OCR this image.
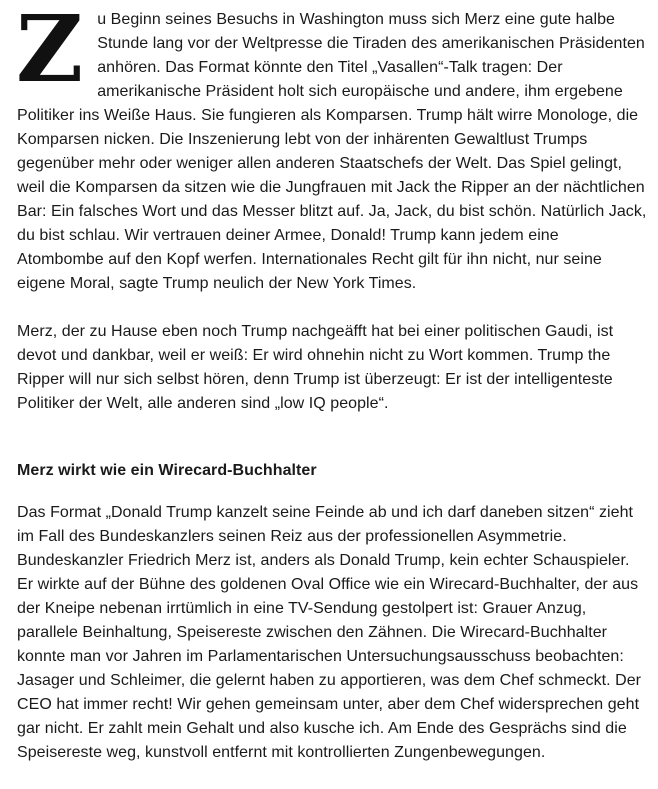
Zu Beginn seines Besuchs in Washington muss sich Merz eine gute halbe Stunde lang vor der Weltpresse die Tiraden des amerikanischen Präsidenten anhören. Das Format könnte den Titel „Vasallen“-Talk tragen: Der amerikanische Präsident holt sich europäische und andere, ihm ergebene Politiker ins Weiße Haus. Sie fungieren als Komparsen. Trump hält wirre Monologe, die Komparsen nicken. Die Inszenierung lebt von der inhärenten Gewaltlust Trumps gegenüber mehr oder weniger allen anderen Staatschefs der Welt. Das Spiel gelingt, weil die Komparsen da sitzen wie die Jungfrauen mit Jack the Ripper an der nächtlichen Bar: Ein falsches Wort und das Messer blitzt auf. Ja, Jack, du bist schön. Natürlich Jack, du bist schlau. Wir vertrauen deiner Armee, Donald! Trump kann jedem eine Atombombe auf den Kopf werfen. Internationales Recht gilt für ihn nicht, nur seine eigene Moral, sagte Trump neulich der New York Times.

Merz, der zu Hause eben noch Trump nachgeäfft hat bei einer politischen Gaudi, ist devot und dankbar, weil er weiß: Er wird ohnehin nicht zu Wort kommen. Trump the Ripper will nur sich selbst hören, denn Trump ist überzeugt: Er ist der intelligenteste Politiker der Welt, alle anderen sind „low IQ people“.

Merz wirkt wie ein Wirecard-Buchhalter

Das Format „Donald Trump kanzelt seine Feinde ab und ich darf daneben sitzen“ zieht im Fall des Bundeskanzlers seinen Reiz aus der professionellen Asymmetrie. Bundeskanzler Friedrich Merz ist, anders als Donald Trump, kein echter Schauspieler. Er wirkte auf der Bühne des goldenen Oval Office wie ein Wirecard-Buchhalter, der aus der Kneipe nebenan irrtümlich in eine TV-Sendung gestolpert ist: Grauer Anzug, parallele Beinhaltung, Speisereste zwischen den Zähnen. Die Wirecard-Buchhalter konnte man vor Jahren im Parlamentarischen Untersuchungsausschuss beobachten: Jasager und Schleimer, die gelernt haben zu apportieren, was dem Chef schmeckt. Der CEO hat immer recht! Wir gehen gemeinsam unter, aber dem Chef widersprechen geht gar nicht. Er zahlt mein Gehalt und also kusche ich. Am Ende des Gesprächs sind die Speisereste weg, kunstvoll entfernt mit kontrollierten Zungenbewegungen.
